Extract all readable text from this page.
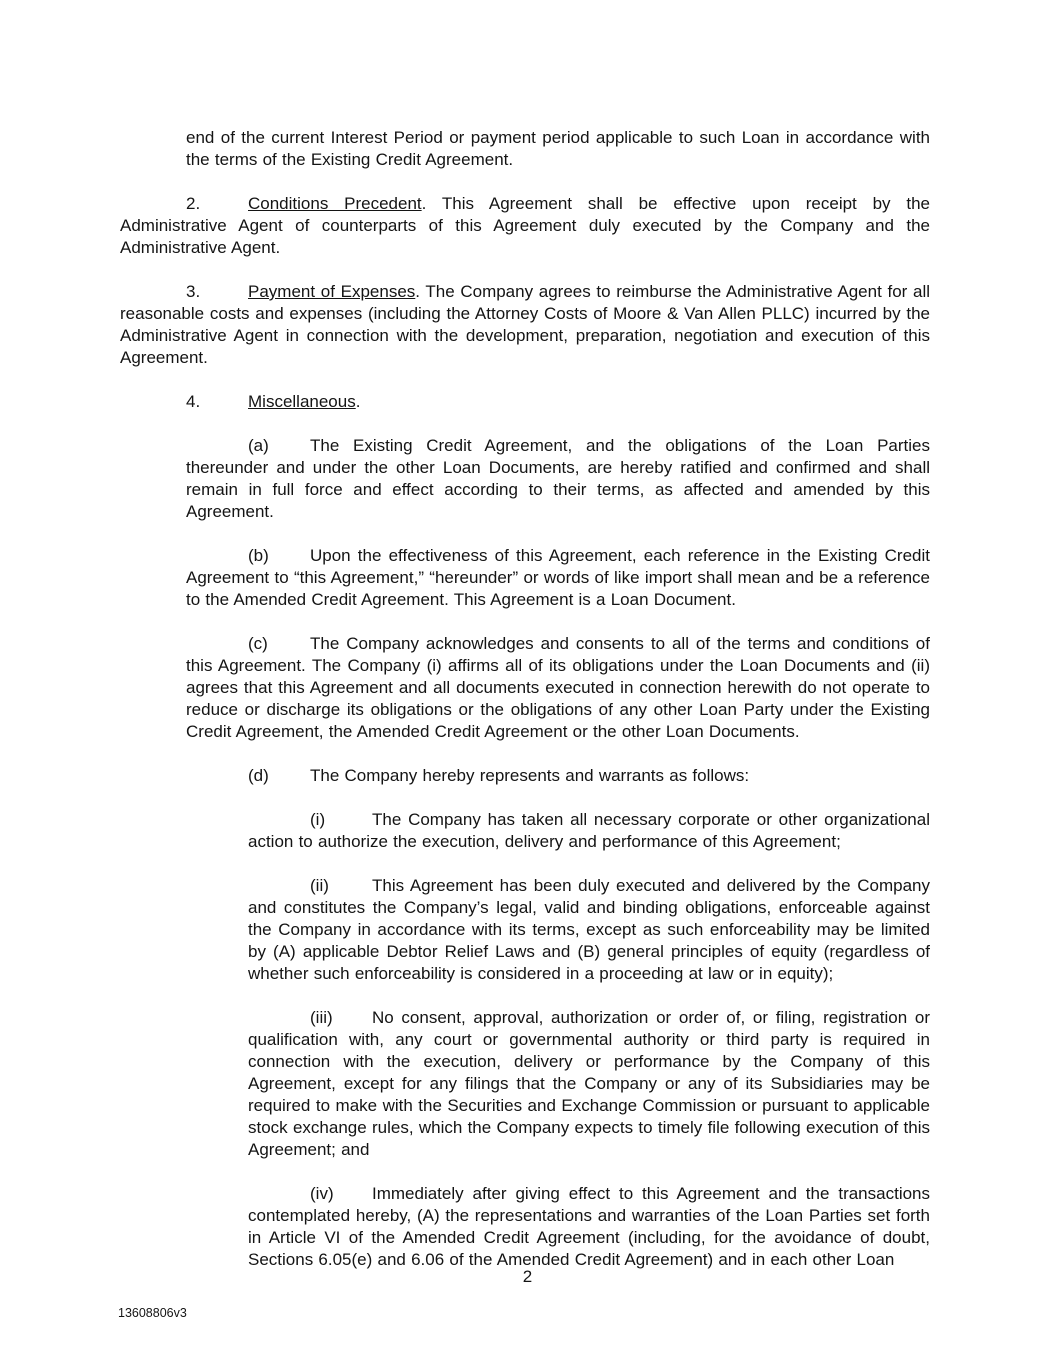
end of the current Interest Period or payment period applicable to such Loan in accordance with the terms of the Existing Credit Agreement.

2.	Conditions Precedent. This Agreement shall be effective upon receipt by the Administrative Agent of counterparts of this Agreement duly executed by the Company and the Administrative Agent.

3.	Payment of Expenses. The Company agrees to reimburse the Administrative Agent for all reasonable costs and expenses (including the Attorney Costs of Moore & Van Allen PLLC) incurred by the Administrative Agent in connection with the development, preparation, negotiation and execution of this Agreement.

4.	Miscellaneous.

(a) The Existing Credit Agreement, and the obligations of the Loan Parties thereunder and under the other Loan Documents, are hereby ratified and confirmed and shall remain in full force and effect according to their terms, as affected and amended by this Agreement.

(b) Upon the effectiveness of this Agreement, each reference in the Existing Credit Agreement to “this Agreement,” “hereunder” or words of like import shall mean and be a reference to the Amended Credit Agreement. This Agreement is a Loan Document.

(c) The Company acknowledges and consents to all of the terms and conditions of this Agreement. The Company (i) affirms all of its obligations under the Loan Documents and (ii) agrees that this Agreement and all documents executed in connection herewith do not operate to reduce or discharge its obligations or the obligations of any other Loan Party under the Existing Credit Agreement, the Amended Credit Agreement or the other Loan Documents.

(d) The Company hereby represents and warrants as follows:

(i)	The Company has taken all necessary corporate or other organizational action to authorize the execution, delivery and performance of this Agreement;

(ii)	This Agreement has been duly executed and delivered by the Company and constitutes the Company’s legal, valid and binding obligations, enforceable against the Company in accordance with its terms, except as such enforceability may be limited by (A) applicable Debtor Relief Laws and (B) general principles of equity (regardless of whether such enforceability is considered in a proceeding at law or in equity);

(iii) No consent, approval, authorization or order of, or filing, registration or qualification with, any court or governmental authority or third party is required in connection with the execution, delivery or performance by the Company of this Agreement, except for any filings that the Company or any of its Subsidiaries may be required to make with the Securities and Exchange Commission or pursuant to applicable stock exchange rules, which the Company expects to timely file following execution of this Agreement; and

(iv) Immediately after giving effect to this Agreement and the transactions contemplated hereby, (A) the representations and warranties of the Loan Parties set forth in Article VI of the Amended Credit Agreement (including, for the avoidance of doubt, Sections 6.05(e) and 6.06 of the Amended Credit Agreement) and in each other Loan

2
13608806v3
